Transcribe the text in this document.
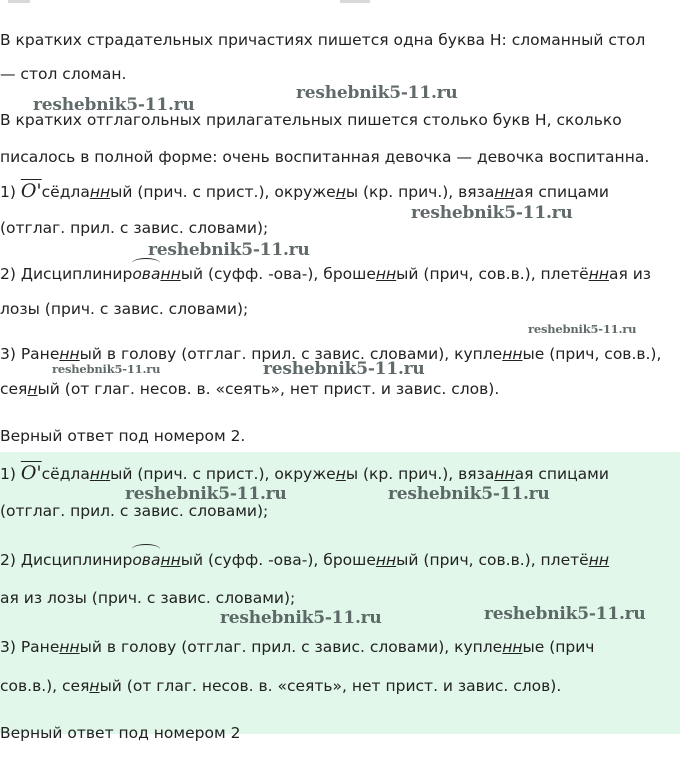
В кратких страдательных причастиях пишется одна буква Н: сломанный стол
— стол сломан.
В кратких отглагольных прилагательных пишется столько букв Н, сколько
писалось в полной форме: очень воспитанная девочка — девочка воспитанна.
1) O'сёдланный (прич. с прист.), окружены (кр. прич.), вязанная спицами
(отглаг. прил. с завис. словами);
2) Дисциплинированный (суфф. -ова-), брошенный (прич, сов.в.), плетённая из
лозы (прич. с завис. словами);
3) Раненный в голову (отглаг. прил. с завис. словами), купленные (прич, сов.в.),
сеяный (от глаг. несов. в. «сеять», нет прист. и завис. слов).
Верный ответ под номером 2.
1) O'сёдланный (прич. с прист.), окружены (кр. прич.), вязанная спицами
(отглаг. прил. с завис. словами);
2) Дисциплинированный (суфф. -ова-), брошенный (прич, сов.в.), плетённ
ая из лозы (прич. с завис. словами);
3) Раненный в голову (отглаг. прил. с завис. словами), купленные (прич
сов.в.), сеяный (от глаг. несов. в. «сеять», нет прист. и завис. слов).
Верный ответ под номером 2
reshebnik5-11.ru
reshebnik5-11.ru
reshebnik5-11.ru
reshebnik5-11.ru
reshebnik5-11.ru
reshebnik5-11.ru	reshebnik5-11.ru
reshebnik5-11.ru	reshebnik5-11.ru
reshebnik5-11.ru
reshebnik5-11.ru
